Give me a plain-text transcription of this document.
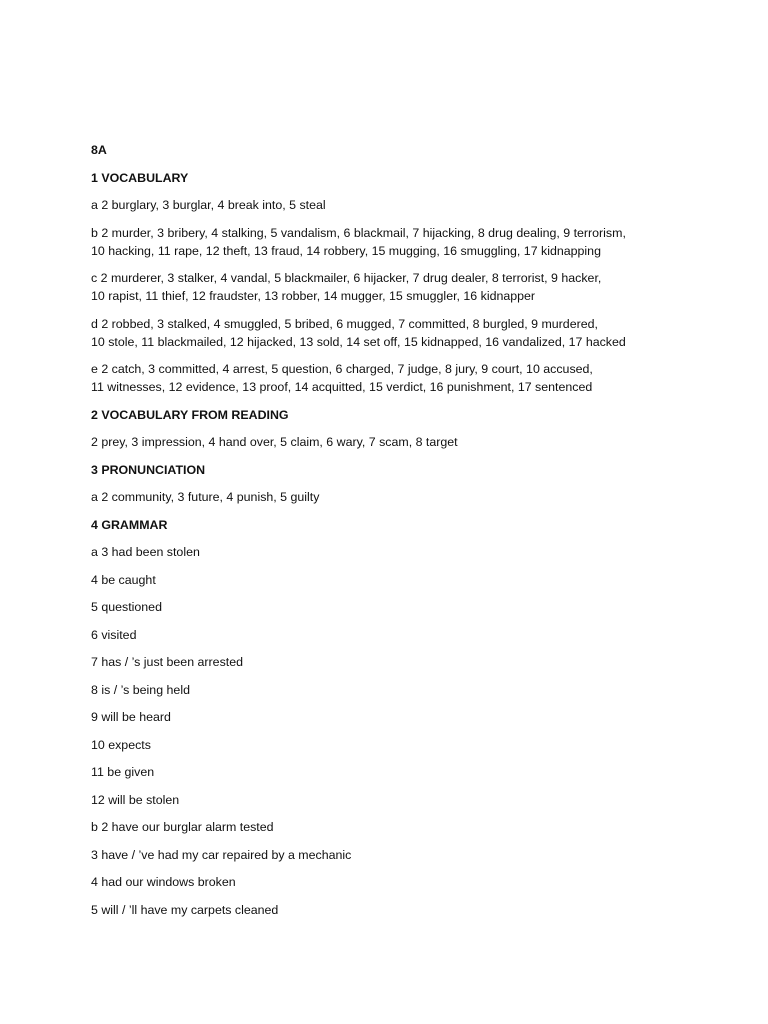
8A

1 VOCABULARY

a 2 burglary, 3 burglar, 4 break into, 5 steal

b 2 murder, 3 bribery, 4 stalking, 5 vandalism, 6 blackmail, 7 hijacking, 8 drug dealing, 9 terrorism,

10 hacking, 11 rape, 12 theft, 13 fraud, 14 robbery, 15 mugging, 16 smuggling, 17 kidnapping

c 2 murderer, 3 stalker, 4 vandal, 5 blackmailer, 6 hijacker, 7 drug dealer, 8 terrorist, 9 hacker,

10 rapist, 11 thief, 12 fraudster, 13 robber, 14 mugger, 15 smuggler, 16 kidnapper

d 2 robbed, 3 stalked, 4 smuggled, 5 bribed, 6 mugged, 7 committed, 8 burgled, 9 murdered,

10 stole, 11 blackmailed, 12 hijacked, 13 sold, 14 set off, 15 kidnapped, 16 vandalized, 17 hacked

e 2 catch, 3 committed, 4 arrest, 5 question, 6 charged, 7 judge, 8 jury, 9 court, 10 accused,

11 witnesses, 12 evidence, 13 proof, 14 acquitted, 15 verdict, 16 punishment, 17 sentenced

2 VOCABULARY FROM READING

2 prey, 3 impression, 4 hand over, 5 claim, 6 wary, 7 scam, 8 target

3 PRONUNCIATION

a 2 community, 3 future, 4 punish, 5 guilty

4 GRAMMAR

a 3 had been stolen

4 be caught

5 questioned

6 visited

7 has / ’s just been arrested

8 is / ’s being held

9 will be heard

10 expects

11 be given

12 will be stolen

b 2 have our burglar alarm tested

3 have / ’ve had my car repaired by a mechanic

4 had our windows broken

5 will / ’ll have my carpets cleaned
